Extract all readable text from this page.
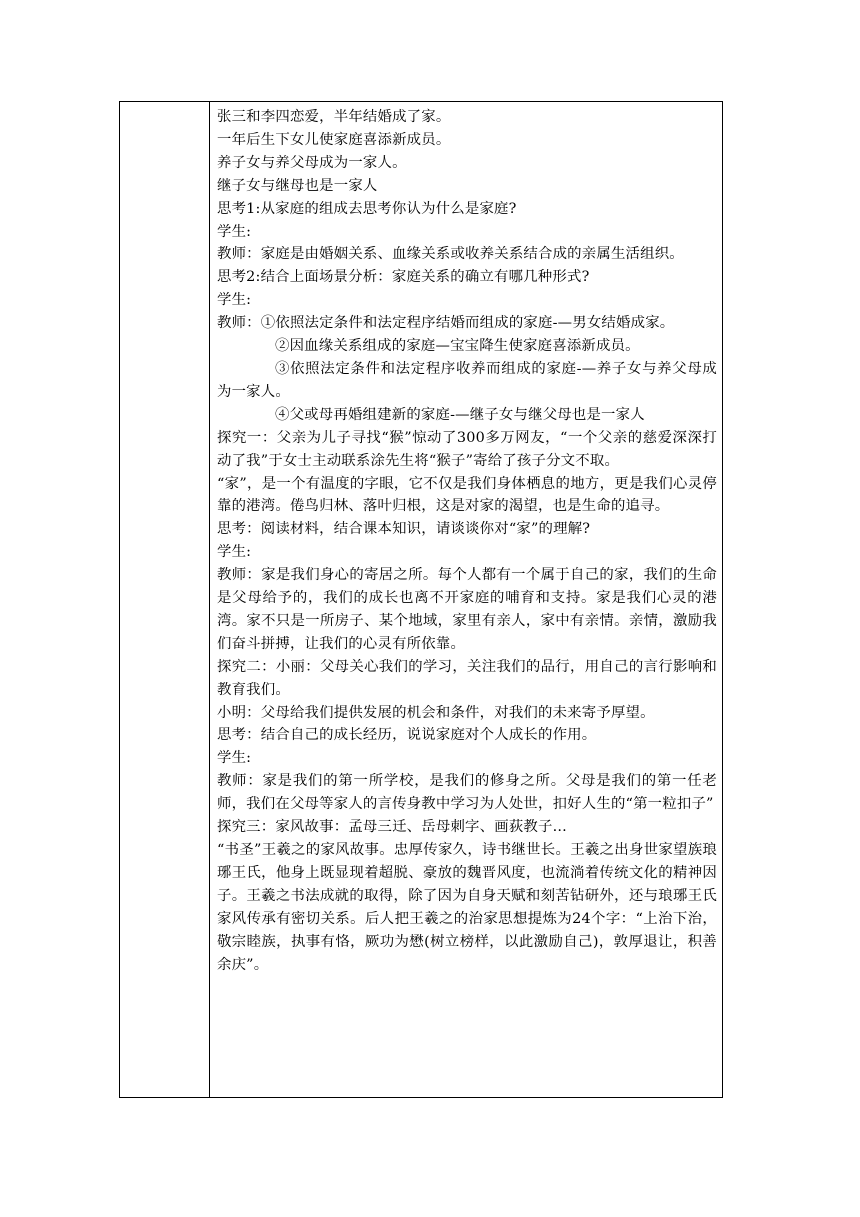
张三和李四恋爱，半年结婚成了家。

一年后生下女儿使家庭喜添新成员。

养子女与养父母成为一家人。

继子女与继母也是一家人

思考1:从家庭的组成去思考你认为什么是家庭?

学生:

教师：家庭是由婚姻关系、血缘关系或收养关系结合成的亲属生活组织。

思考2:结合上面场景分析：家庭关系的确立有哪几种形式?

学生:

教师：①依照法定条件和法定程序结婚而组成的家庭-—男女结婚成家。

②因血缘关系组成的家庭—宝宝降生使家庭喜添新成员。

③依照法定条件和法定程序收养而组成的家庭-—养子女与养父母成为一家人。

④父或母再婚组建新的家庭-—继子女与继父母也是一家人

探究一：父亲为儿子寻找“猴”惊动了300多万网友，“一个父亲的慈爱深深打动了我”于女士主动联系涂先生将“猴子”寄给了孩子分文不取。

“家”，是一个有温度的字眼，它不仅是我们身体栖息的地方，更是我们心灵停靠的港湾。倦鸟归林、落叶归根，这是对家的渴望，也是生命的追寻。

思考：阅读材料，结合课本知识，请谈谈你对“家”的理解?

学生:

教师：家是我们身心的寄居之所。每个人都有一个属于自己的家，我们的生命是父母给予的，我们的成长也离不开家庭的哺育和支持。家是我们心灵的港湾。家不只是一所房子、某个地域，家里有亲人，家中有亲情。亲情，激励我们奋斗拼搏，让我们的心灵有所依靠。

探究二：小丽：父母关心我们的学习，关注我们的品行，用自己的言行影响和教育我们。

小明：父母给我们提供发展的机会和条件，对我们的未来寄予厚望。

思考：结合自己的成长经历，说说家庭对个人成长的作用。

学生:

教师：家是我们的第一所学校，是我们的修身之所。父母是我们的第一任老师，我们在父母等家人的言传身教中学习为人处世，扣好人生的“第一粒扣子”

探究三：家风故事：孟母三迁、岳母刺字、画荻教子...

“书圣”王羲之的家风故事。忠厚传家久，诗书继世长。王羲之出身世家望族琅琊王氏，他身上既显现着超脱、豪放的魏晋风度，也流淌着传统文化的精神因子。王羲之书法成就的取得，除了因为自身天赋和刻苦钻研外，还与琅琊王氏家风传承有密切关系。后人把王羲之的治家思想提炼为24个字：“上治下治，敬宗睦族，执事有恪，厥功为懋(树立榜样，以此激励自己)，敦厚退让，积善余庆”。
